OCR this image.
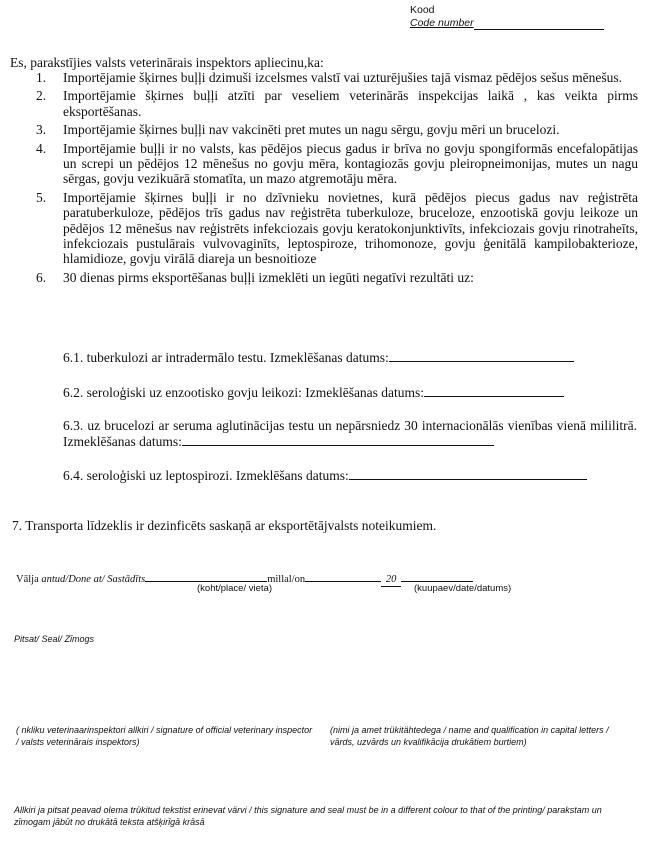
Kood
Code number
Es, parakstījies valsts veterinārais inspektors apliecinu,ka:
1. Importējamie šķirnes buļļi dzimuši izcelsmes valstī vai uzturējušies tajā vismaz pēdējos sešus mēnešus.
2. Importējamie šķirnes buļļi atzīti par veseliem veterinārās inspekcijas laikā , kas veikta pirms eksportēšanas.
3. Importējamie šķirnes buļļi nav vakcinēti pret mutes un nagu sērgu, govju mēri un brucelozi.
4. Importējamie buļļi ir no valsts, kas pēdējos piecus gadus ir brīva no govju spongiformās encefalopātijas un screpi un pēdējos 12 mēnešus no govju mēra, kontagiozās govju pleiropneimonijas, mutes un nagu sērgas, govju vezikuārā stomatīta, un mazo atgremotāju mēra.
5. Importējamie šķirnes buļļi ir no dzīvnieku novietnes, kurā pēdējos piecus gadus nav reģistrēta paratuberkuloze, pēdējos trīs gadus nav reģistrēta tuberkuloze, bruceloze, enzootiskā govju leikoze un pēdējos 12 mēnešus nav reģistrēts infekciozais govju keratokonjunktivīts, infekciozais govju rinotraheīts, infekciozais pustulārais vulvovaginīts, leptospiroze, trihomonoze, govju ģenitālā kampilobakterioze, hlamidioze, govju virālā diareja un besnoitioze
6. 30 dienas pirms eksportēšanas buļļi izmeklēti un iegūti negatīvi rezultāti uz:
6.1. tuberkulozi ar intradermālo testu. Izmeklēšanas datums:
6.2. seroloģiski uz enzootisko govju leikozi: Izmeklēšanas datums:
6.3. uz brucelozi ar seruma aglutinācijas testu un nepārsniedz 30 internacionālās vienības vienā mililitrā. Izmeklēšanas datums:
6.4. seroloģiski uz leptospirozi. Izmeklēšans datums:
7. Transporta līdzeklis ir dezinficēts saskaņā ar eksportētājvalsts noteikumiem.
Vālja antud/Done at/ Sastādīts	millal/on	20
(koht/place/ vieta)	(kuupaev/date/datums)
Pitsat/ Seal/ Zīmogs
( nkliku veterinaarinspektori allkiri / signature of official veterinary inspector / valsts veterinārais inspektors)
(nimi ja amet trükitähtedega / name and qualification in capital letters / vārds, uzvārds un kvalifikācija drukātiem burtiem)
Allkiri ja pitsat peavad olema trükitud tekstist erinevat värvi / this signature and seal must be in a different colour to that of the printing/ parakstam un zīmogam jābūt no drukātā teksta atšķirīgā krāsā
